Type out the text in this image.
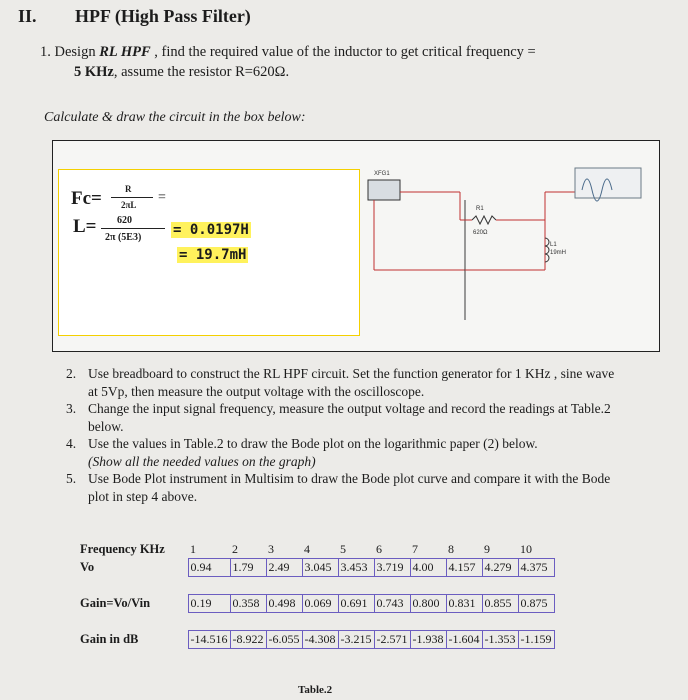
II. HPF (High Pass Filter)
1. Design RL HPF , find the required value of the inductor to get critical frequency =
5 KHz, assume the resistor R=620Ω.
Calculate & draw the circuit in the box below:
Fc=	R
2πL =
L= 620
2π (5E3) = 0.0197H
= 19.7mH
XFG1
R1
620Ω
L1
19mH
2. Use breadboard to construct the RL HPF circuit. Set the function generator for 1 KHz , sine wave at 5Vp, then measure the output voltage with the oscilloscope.
3. Change the input signal frequency, measure the output voltage and record the readings at Table.2 below.
4. Use the values in Table.2 to draw the Bode plot on the logarithmic paper (2) below.
(Show all the needed values on the graph)
5. Use Bode Plot instrument in Multisim to draw the Bode plot curve and compare it with the Bode plot in step 4 above.
Frequency KHz	1	2	3	4	5	6	7	8	9	10
Vo	0.94	1.79	2.49	3.045	3.453	3.719	4.00	4.157	4.279	4.375

Gain=Vo/Vin	0.19	0.358	0.498	0.069	0.691	0.743	0.800	0.831	0.855	0.875

Gain in dB	-14.516	-8.922	-6.055	-4.308	-3.215	-2.571	-1.938	-1.604	-1.353	-1.159
Table.2
